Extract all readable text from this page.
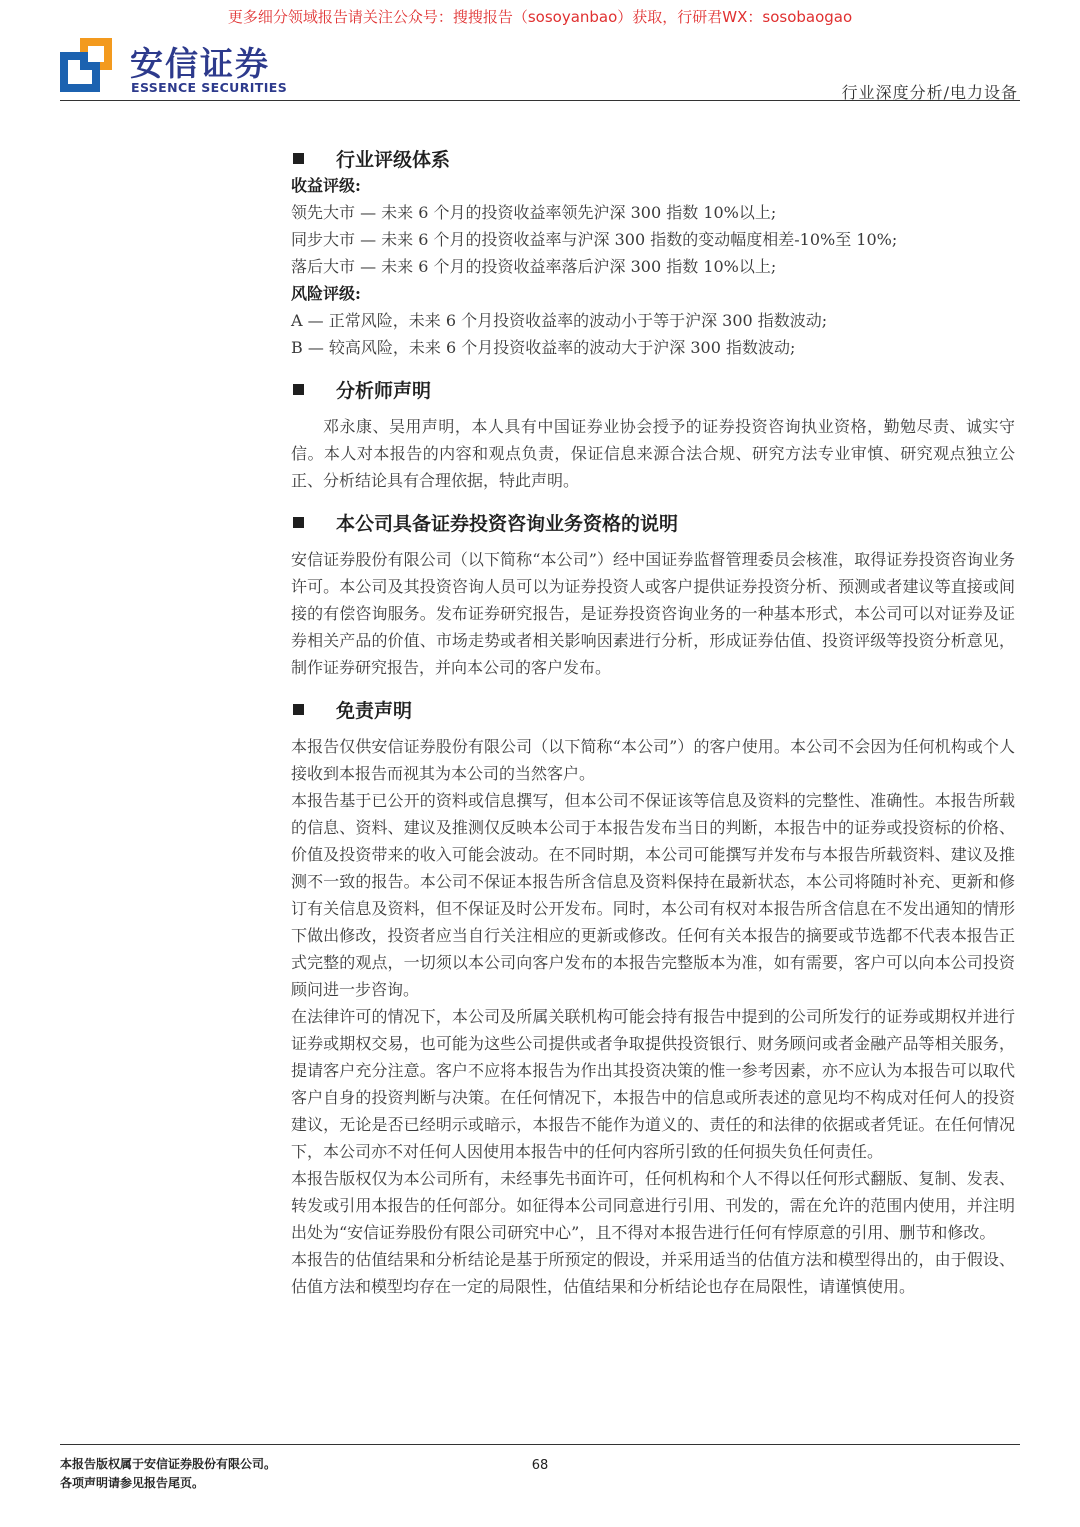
更多细分领域报告请关注公众号：搜搜报告（sosoyanbao）获取，行研君WX：sosobaogao
安信证券
ESSENCE SECURITIES	行业深度分析/电力设备
行业评级体系
收益评级:
领先大市 — 未来 6 个月的投资收益率领先沪深 300 指数 10%以上;
同步大市 — 未来 6 个月的投资收益率与沪深 300 指数的变动幅度相差-10%至 10%;
落后大市 — 未来 6 个月的投资收益率落后沪深 300 指数 10%以上;
风险评级:
A — 正常风险，未来 6 个月投资收益率的波动小于等于沪深 300 指数波动;
B — 较高风险，未来 6 个月投资收益率的波动大于沪深 300 指数波动;
分析师声明

邓永康、吴用声明，本人具有中国证券业协会授予的证券投资咨询执业资格，勤勉尽责、诚实守信。本人对本报告的内容和观点负责，保证信息来源合法合规、研究方法专业审慎、研究观点独立公正、分析结论具有合理依据，特此声明。

本公司具备证券投资咨询业务资格的说明

安信证券股份有限公司（以下简称“本公司”）经中国证券监督管理委员会核准，取得证券投资咨询业务许可。本公司及其投资咨询人员可以为证券投资人或客户提供证券投资分析、预测或者建议等直接或间接的有偿咨询服务。发布证券研究报告，是证券投资咨询业务的一种基本形式，本公司可以对证券及证券相关产品的价值、市场走势或者相关影响因素进行分析，形成证券估值、投资评级等投资分析意见，制作证券研究报告，并向本公司的客户发布。

免责声明

本报告仅供安信证券股份有限公司（以下简称“本公司”）的客户使用。本公司不会因为任何机构或个人接收到本报告而视其为本公司的当然客户。

本报告基于已公开的资料或信息撰写，但本公司不保证该等信息及资料的完整性、准确性。本报告所载的信息、资料、建议及推测仅反映本公司于本报告发布当日的判断，本报告中的证券或投资标的价格、价值及投资带来的收入可能会波动。在不同时期，本公司可能撰写并发布与本报告所载资料、建议及推测不一致的报告。本公司不保证本报告所含信息及资料保持在最新状态，本公司将随时补充、更新和修订有关信息及资料，但不保证及时公开发布。同时，本公司有权对本报告所含信息在不发出通知的情形下做出修改，投资者应当自行关注相应的更新或修改。任何有关本报告的摘要或节选都不代表本报告正式完整的观点，一切须以本公司向客户发布的本报告完整版本为准，如有需要，客户可以向本公司投资顾问进一步咨询。

在法律许可的情况下，本公司及所属关联机构可能会持有报告中提到的公司所发行的证券或期权并进行证券或期权交易，也可能为这些公司提供或者争取提供投资银行、财务顾问或者金融产品等相关服务，提请客户充分注意。客户不应将本报告为作出其投资决策的惟一参考因素，亦不应认为本报告可以取代客户自身的投资判断与决策。在任何情况下，本报告中的信息或所表述的意见均不构成对任何人的投资建议，无论是否已经明示或暗示，本报告不能作为道义的、责任的和法律的依据或者凭证。在任何情况下，本公司亦不对任何人因使用本报告中的任何内容所引致的任何损失负任何责任。

本报告版权仅为本公司所有，未经事先书面许可，任何机构和个人不得以任何形式翻版、复制、发表、转发或引用本报告的任何部分。如征得本公司同意进行引用、刊发的，需在允许的范围内使用，并注明出处为“安信证券股份有限公司研究中心”，且不得对本报告进行任何有悖原意的引用、删节和修改。

本报告的估值结果和分析结论是基于所预定的假设，并采用适当的估值方法和模型得出的，由于假设、估值方法和模型均存在一定的局限性，估值结果和分析结论也存在局限性，请谨慎使用。

本报告版权属于安信证券股份有限公司。
各项声明请参见报告尾页。
68
